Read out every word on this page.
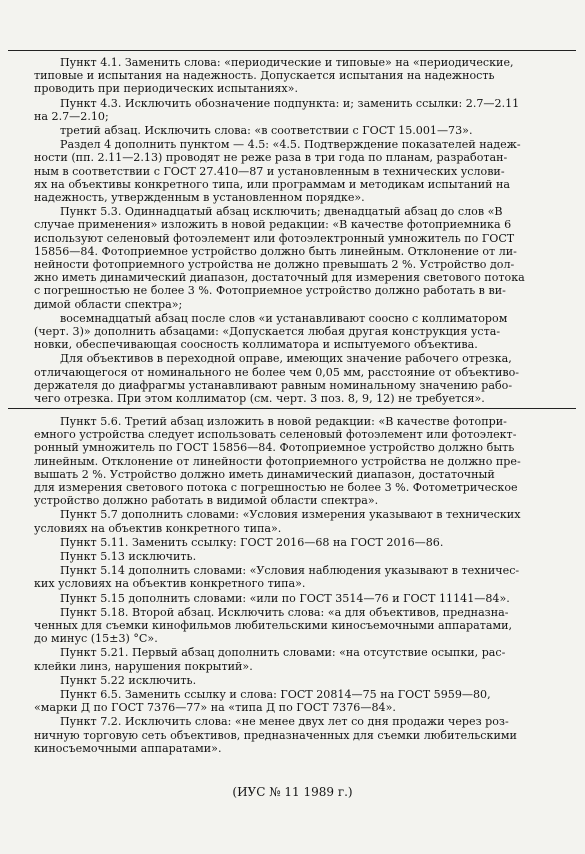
Пункт 4.1. Заменить слова: «периодические и типовые» на «периодические,
типовые и испытания на надежность. Допускается испытания на надежность
проводить при периодических испытаниях».

Пункт 4.3. Исключить обозначение подпункта: и; заменить ссылки: 2.7—2.11
на 2.7—2.10;

третий абзац. Исключить слова: «в соответствии с ГОСТ 15.001—73».

Раздел 4 дополнить пунктом — 4.5: «4.5. Подтверждение показателей надеж-
ности (пп. 2.11—2.13) проводят не реже раза в три года по планам, разработан-
ным в соответствии с ГОСТ 27.410—87 и установленным в технических услови-
ях на объективы конкретного типа, или программам и методикам испытаний на
надежность, утвержденным в установленном порядке».

Пункт 5.3. Одиннадцатый абзац исключить; двенадцатый абзац до слов «В
случае применения» изложить в новой редакции: «В качестве фотоприемника 6
используют селеновый фотоэлемент или фотоэлектронный умножитель по ГОСТ
15856—84. Фотоприемное устройство должно быть линейным. Отклонение от ли-
нейности фотоприемного устройства не должно превышать 2 %. Устройство дол-
жно иметь динамический диапазон, достаточный для измерения светового потока
с погрешностью не более 3 %. Фотоприемное устройство должно работать в ви-
димой области спектра»;

восемнадцатый абзац после слов «и устанавливают соосно с коллиматором
(черт. 3)» дополнить абзацами: «Допускается любая другая конструкция уста-
новки, обеспечивающая соосность коллиматора и испытуемого объектива.

Для объективов в переходной оправе, имеющих значение рабочего отрезка,
отличающегося от номинального не более чем 0,05 мм, расстояние от объективо-
держателя до диафрагмы устанавливают равным номинальному значению рабо-
чего отрезка. При этом коллиматор (см. черт. 3 поз. 8, 9, 12) не требуется».

Пункт 5.6. Третий абзац изложить в новой редакции: «В качестве фотопри-
емного устройства следует использовать селеновый фотоэлемент или фотоэлект-
ронный умножитель по ГОСТ 15856—84. Фотоприемное устройство должно быть
линейным. Отклонение от линейности фотоприемного устройства не должно пре-
вышать 2 %. Устройство должно иметь динамический диапазон, достаточный
для измерения светового потока с погрешностью не более 3 %. Фотометрическое
устройство должно работать в видимой области спектра».

Пункт 5.7 дополнить словами: «Условия измерения указывают в технических
условиях на объектив конкретного типа».

Пункт 5.11. Заменить ссылку: ГОСТ 2016—68 на ГОСТ 2016—86.

Пункт 5.13 исключить.

Пункт 5.14 дополнить словами: «Условия наблюдения указывают в техничес-
ких условиях на объектив конкретного типа».

Пункт 5.15 дополнить словами: «или по ГОСТ 3514—76 и ГОСТ 11141—84».

Пункт 5.18. Второй абзац. Исключить слова: «а для объективов, предназна-
ченных для съемки кинофильмов любительскими киносъемочными аппаратами,
до минус (15±3) °С».

Пункт 5.21. Первый абзац дополнить словами: «на отсутствие осыпки, рас-
клейки линз, нарушения покрытий».

Пункт 5.22 исключить.

Пункт 6.5. Заменить ссылку и слова: ГОСТ 20814—75 на ГОСТ 5959—80,
«марки Д по ГОСТ 7376—77» на «типа Д по ГОСТ 7376—84».

Пункт 7.2. Исключить слова: «не менее двух лет со дня продажи через роз-
ничную торговую сеть объективов, предназначенных для съемки любительскими
киносъемочными аппаратами».

(ИУС № 11 1989 г.)
